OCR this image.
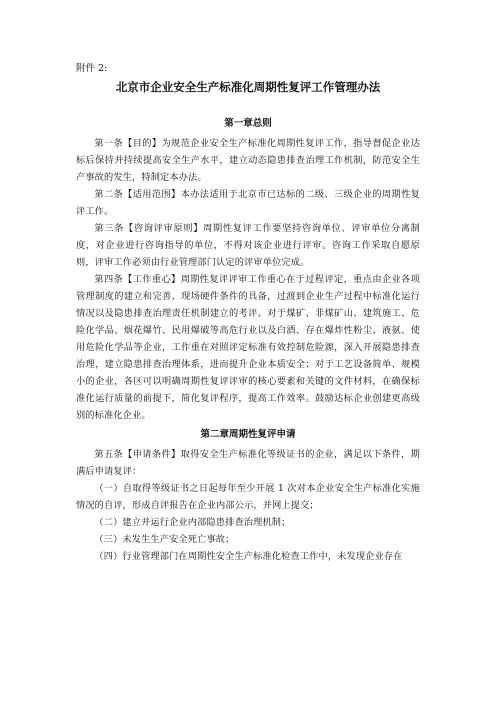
附件 2:

北京市企业安全生产标准化周期性复评工作管理办法
第一章总则

第一条【目的】为规范企业安全生产标准化周期性复评工作，指导督促企业达标后保持并持续提高安全生产水平，建立动态隐患排查治理工作机制，防范安全生产事故的发生，特制定本办法。

第二条【适用范围】本办法适用于北京市已达标的二级、三级企业的周期性复评工作。

第三条【咨询评审原则】周期性复评工作要坚持咨询单位、评审单位分离制度，对企业进行咨询指导的单位，不得对该企业进行评审。咨询工作采取自愿原则，评审工作必须由行业管理部门认定的评审单位完成。

第四条【工作重心】周期性复评评审工作重心在于过程评定，重点由企业各项管理制度的建立和完善、现场硬件条件的具备，过渡到企业生产过程中标准化运行情况以及隐患排查治理责任机制建立的考评。对于煤矿、非煤矿山、建筑施工、危险化学品、烟花爆竹、民用爆破等高危行业以及白酒、存在爆炸性粉尘、液氨、使用危险化学品等企业，工作重在对照评定标准有效控制危险源，深入开展隐患排查治理，建立隐患排查治理体系，进而提升企业本质安全；对于工艺设备简单、规模小的企业，各区可以明确周期性复评评审的核心要素和关键的文件材料，在确保标准化运行质量的前提下，简化复评程序，提高工作效率。鼓励达标企业创建更高级别的标准化企业。

第二章周期性复评申请

第五条【申请条件】取得安全生产标准化等级证书的企业，满足以下条件，期满后申请复评：

（一）自取得等级证书之日起每年至少开展 1 次对本企业安全生产标准化实施情况的自评，形成自评报告在企业内部公示，并网上提交；

（二）建立并运行企业内部隐患排查治理机制；

（三）未发生生产安全死亡事故；

（四）行业管理部门在周期性安全生产标准化检查工作中，未发现企业存在
